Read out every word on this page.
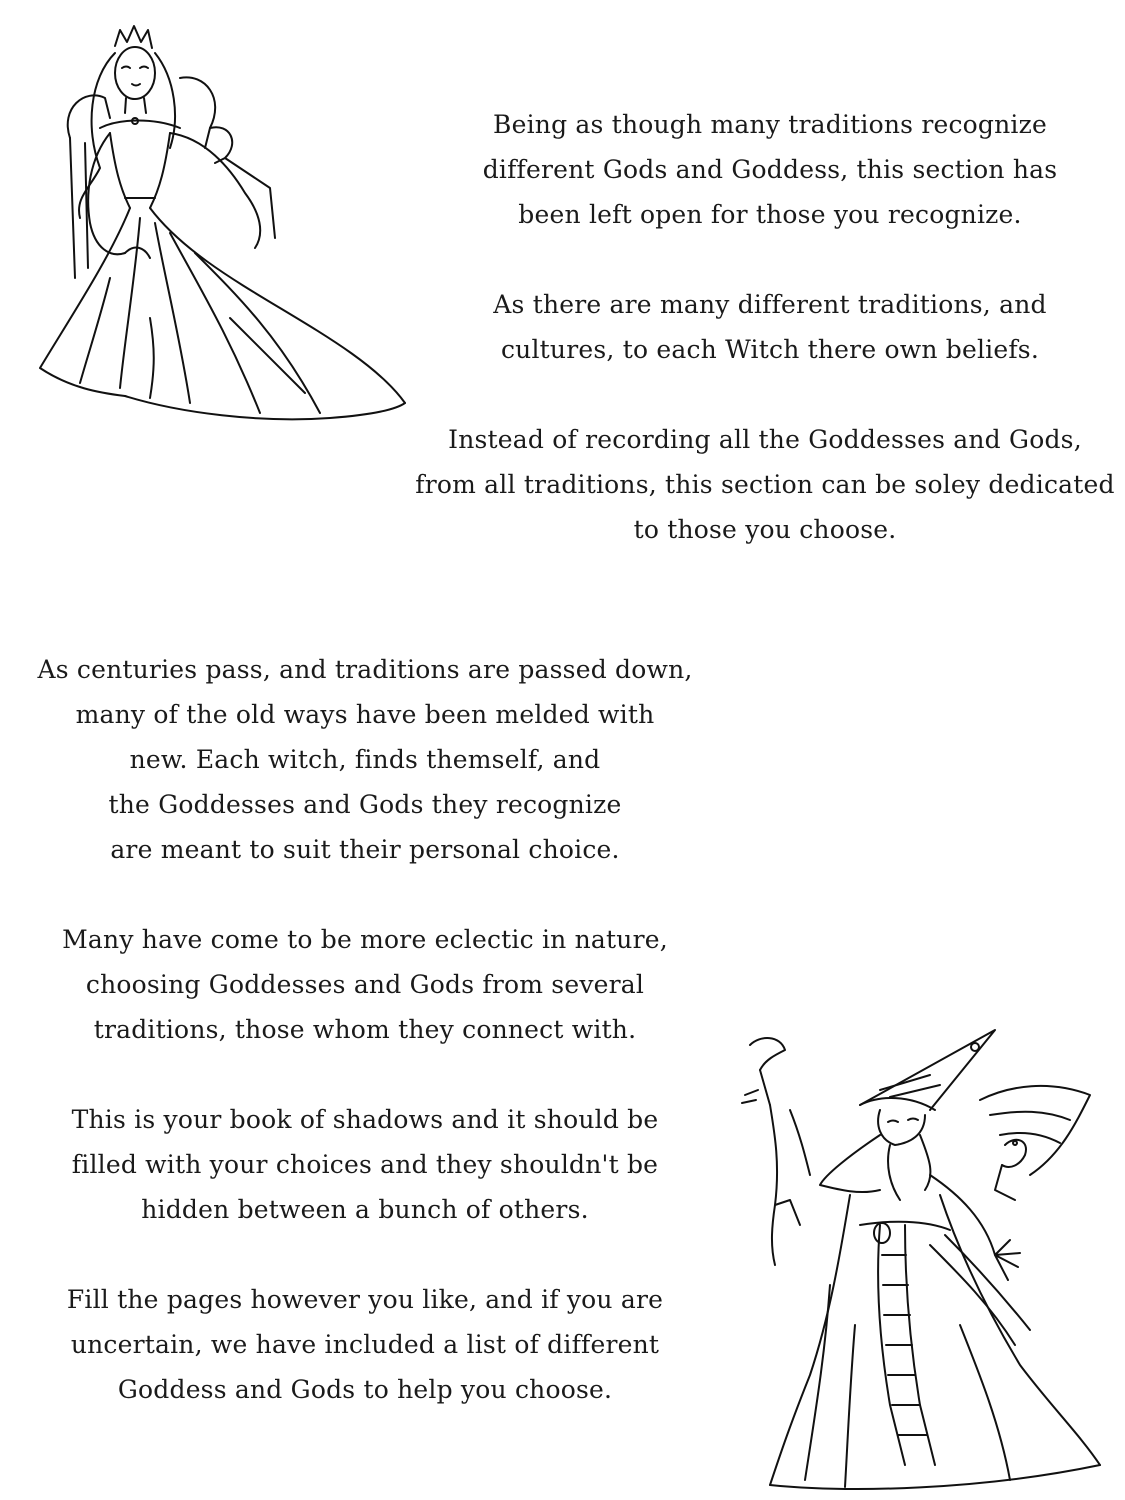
Being as though many traditions recognize
different Gods and Goddess, this section has
been left open for those you recognize.
As there are many different traditions, and
cultures, to each Witch there own beliefs.
Instead of recording all the Goddesses and Gods,
from all traditions, this section can be soley dedicated
to those you choose.
As centuries pass, and traditions are passed down,
many of the old ways have been melded with
new. Each witch, finds themself, and
the Goddesses and Gods they recognize
are meant to suit their personal choice.
Many have come to be more eclectic in nature,
choosing Goddesses and Gods from several
traditions, those whom they connect with.
This is your book of shadows and it should be
filled with your choices and they shouldn't be
hidden between a bunch of others.
Fill the pages however you like, and if you are
uncertain, we have included a list of different
Goddess and Gods to help you choose.
